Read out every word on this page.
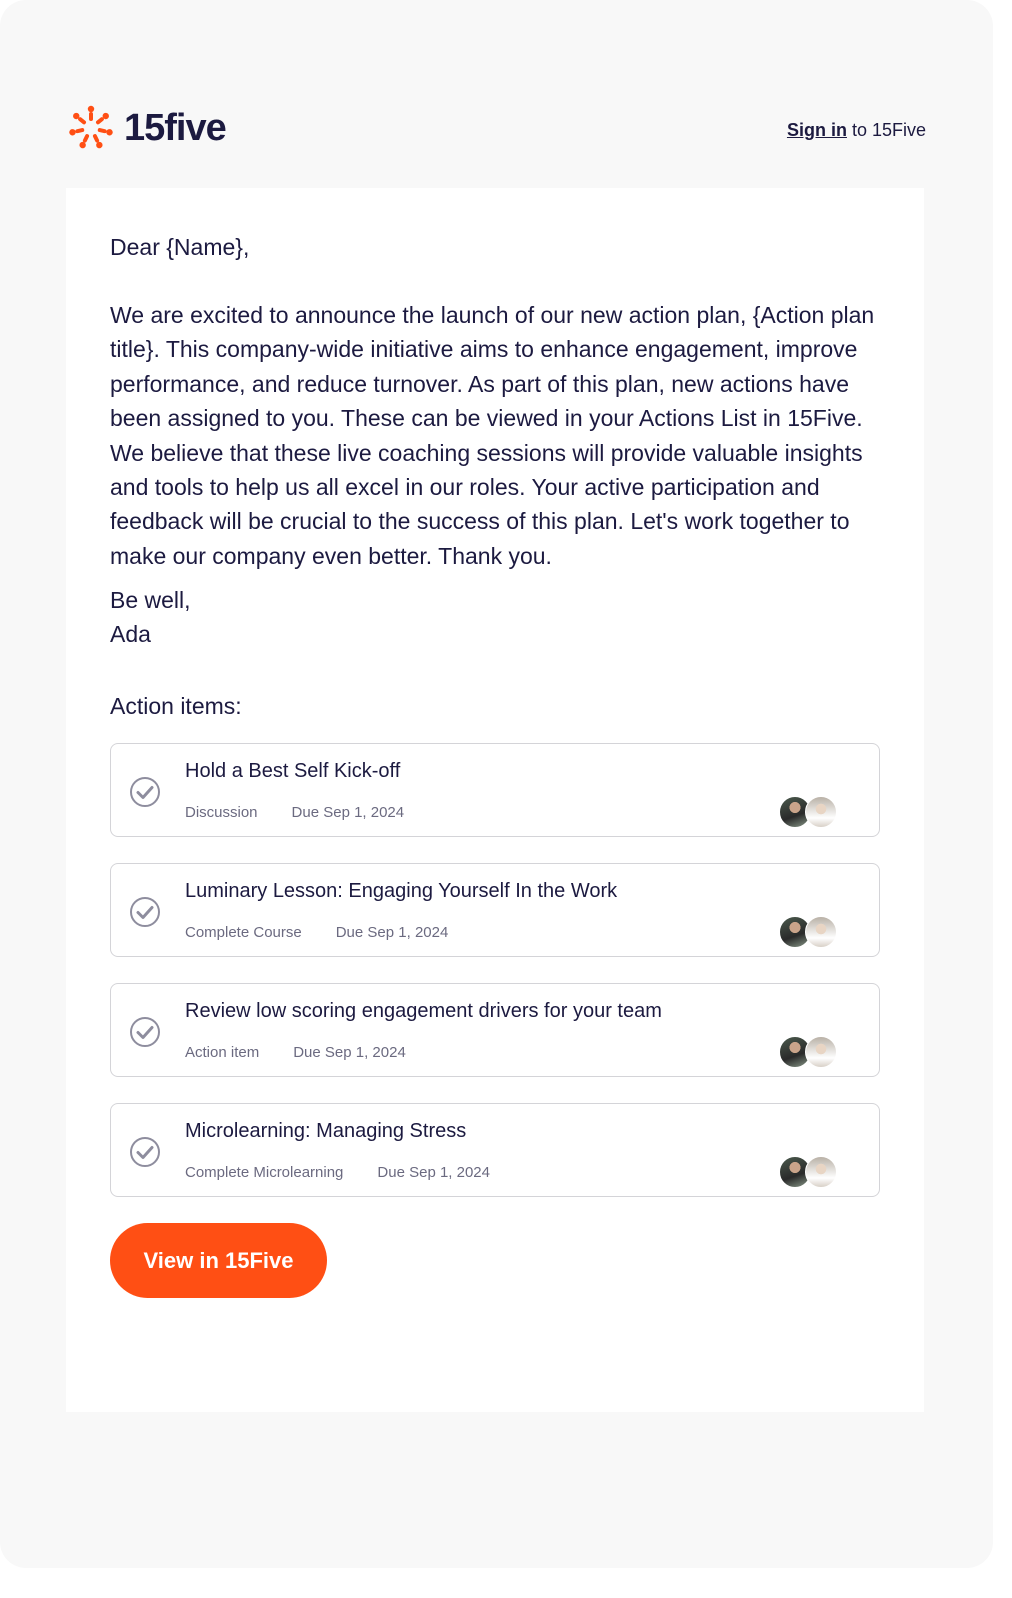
15five	Sign in to 15Five

Dear {Name},

We are excited to announce the launch of our new action plan, {Action plan title}. This company-wide initiative aims to enhance engagement, improve performance, and reduce turnover. As part of this plan, new actions have been assigned to you. These can be viewed in your Actions List in 15Five. We believe that these live coaching sessions will provide valuable insights and tools to help us all excel in our roles. Your active participation and feedback will be crucial to the success of this plan. Let's work together to make our company even better. Thank you.

Be well,
Ada

Action items:

Hold a Best Self Kick-off
Discussion Due Sep 1, 2024
Luminary Lesson: Engaging Yourself In the Work
Complete Course Due Sep 1, 2024
Review low scoring engagement drivers for your team
Action item Due Sep 1, 2024
Microlearning: Managing Stress
Complete Microlearning Due Sep 1, 2024
View in 15Five
